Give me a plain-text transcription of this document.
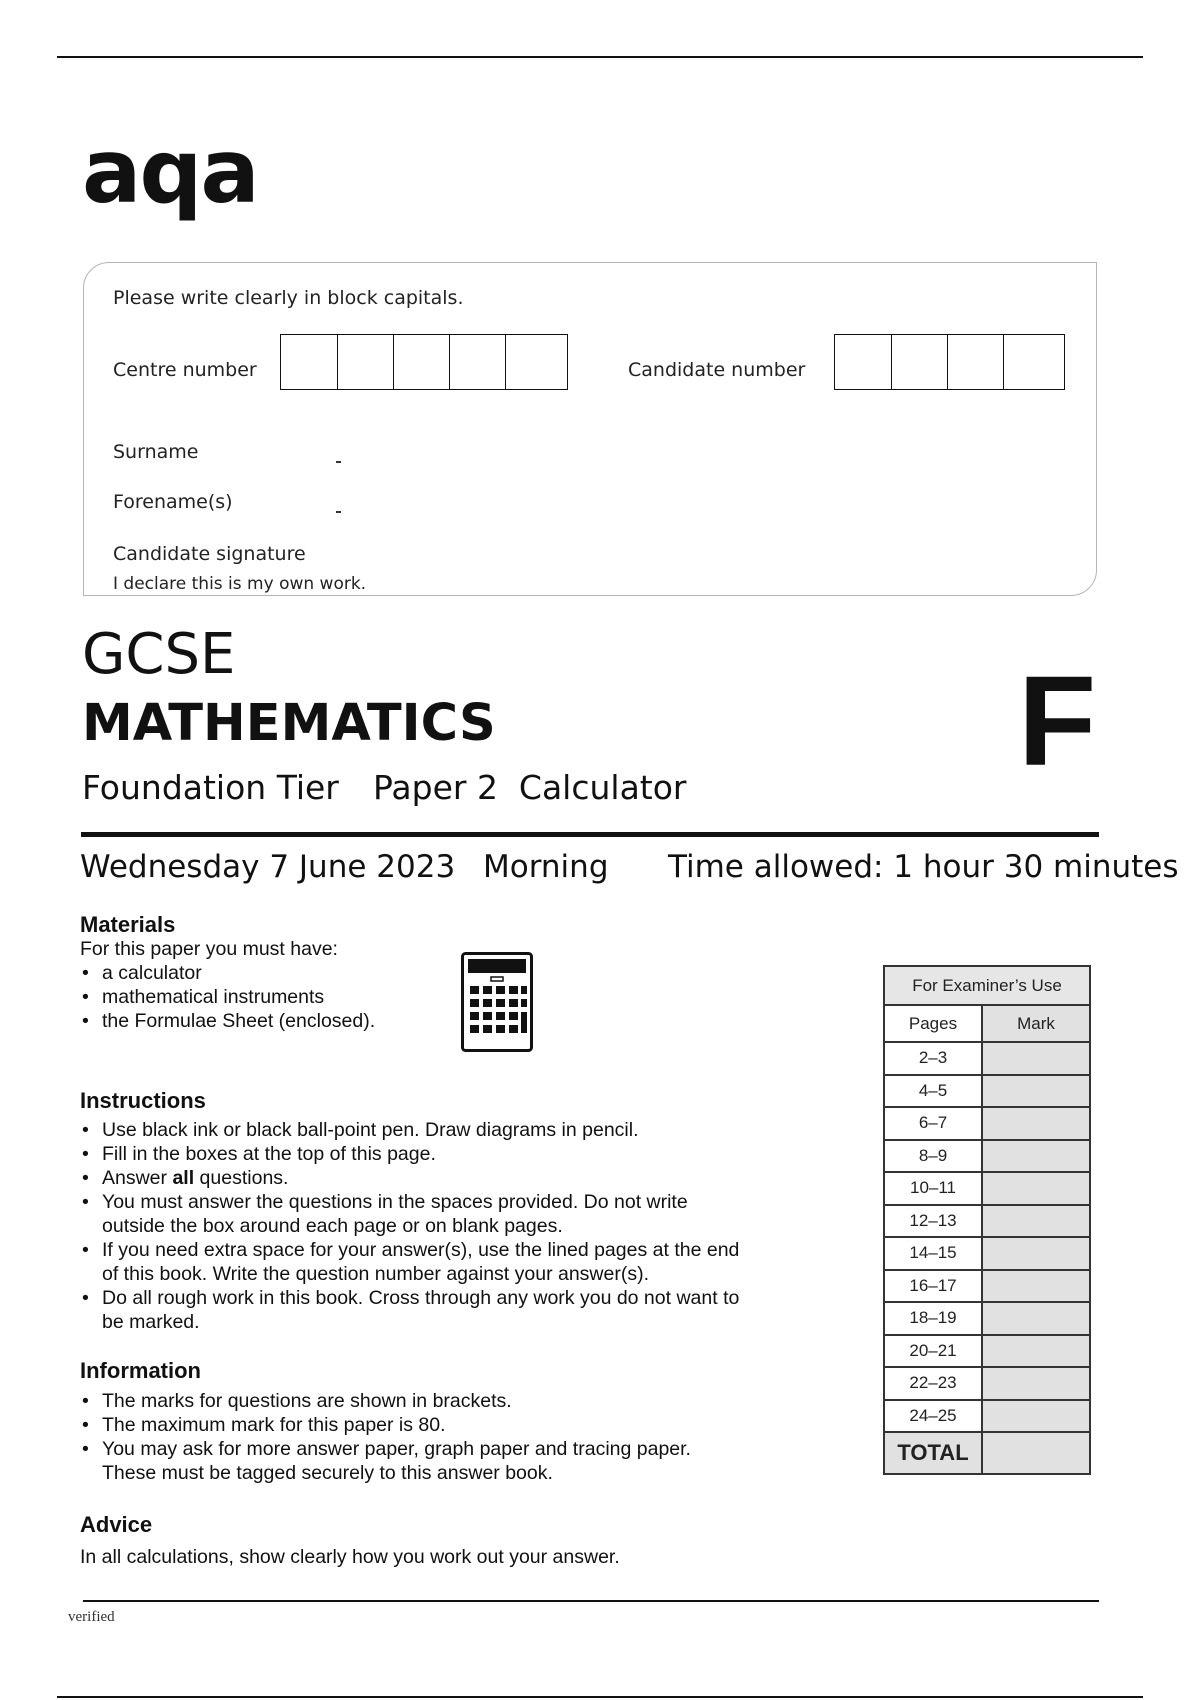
aqa
Please write clearly in block capitals.
Centre number	Candidate number
Surname
Forename(s)
Candidate signature
I declare this is my own work.
GCSE
MATHEMATICS	F
Foundation Tier Paper 2  Calculator
Wednesday 7 June 2023 Morning Time allowed: 1 hour 30 minutes
Materials
For this paper you must have:
• a calculator
• mathematical instruments
• the Formulae Sheet (enclosed).
Instructions
• Use black ink or black ball-point pen. Draw diagrams in pencil.
• Fill in the boxes at the top of this page.
• Answer all questions.
• You must answer the questions in the spaces provided. Do not write
outside the box around each page or on blank pages.
• If you need extra space for your answer(s), use the lined pages at the end
of this book. Write the question number against your answer(s).
• Do all rough work in this book. Cross through any work you do not want to
be marked.
Information
• The marks for questions are shown in brackets.
• The maximum mark for this paper is 80.
• You may ask for more answer paper, graph paper and tracing paper.
These must be tagged securely to this answer book.
Advice
In all calculations, show clearly how you work out your answer.
For Examiner’s Use	
Pages	Mark
2–3	
4–5	
6–7	
8–9	
10–11	
12–13	
14–15	
16–17	
18–19	
20–21	
22–23	
24–25	
TOTAL	
verified
